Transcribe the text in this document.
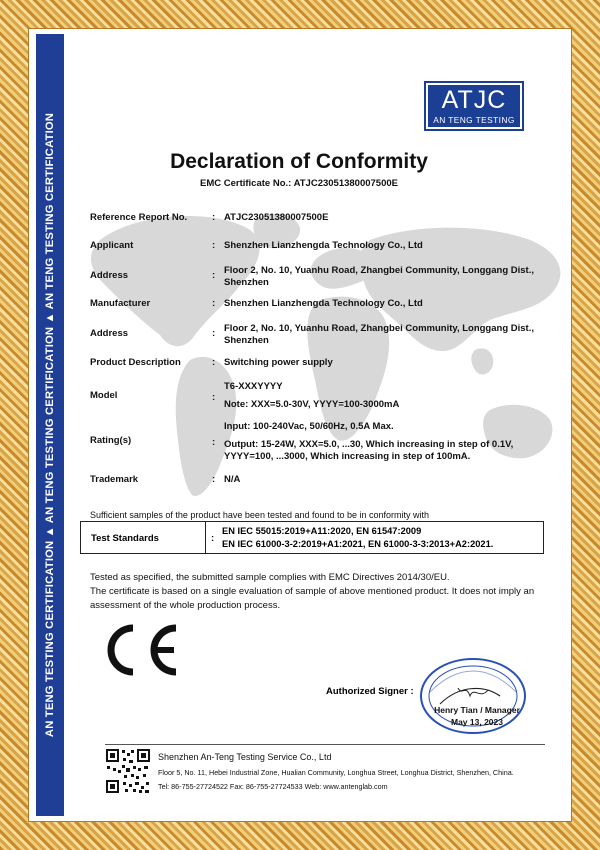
AN TENG TESTING CERTIFICATION ▲ AN TENG TESTING CERTIFICATION ▲ AN TENG TESTING CERTIFICATION
ATJC
AN TENG TESTING
Declaration of Conformity
EMC Certificate No.: ATJC23051380007500E
Reference Report No.	: ATJC23051380007500E
Applicant	: Shenzhen Lianzhengda Technology Co., Ltd
Address	: Floor 2, No. 10, Yuanhu Road, Zhangbei Community, Longgang Dist., Shenzhen
Manufacturer	: Shenzhen Lianzhengda Technology Co., Ltd
Address	: Floor 2, No. 10, Yuanhu Road, Zhangbei Community, Longgang Dist., Shenzhen
Product Description	: Switching power supply
Model	:
T6-XXXYYYY
Note: XXX=5.0-30V, YYYY=100-3000mA
Rating(s)	:
Input: 100-240Vac, 50/60Hz, 0.5A Max.
Output: 15-24W, XXX=5.0, ...30, Which increasing in step of 0.1V, YYYY=100, ...3000, Which increasing in step of 100mA.
Trademark	: N/A
Sufficient samples of the product have been tested and found to be in conformity with
Test Standards	:
EN IEC 55015:2019+A11:2020, EN 61547:2009
EN IEC 61000-3-2:2019+A1:2021, EN 61000-3-3:2013+A2:2021.
Tested as specified, the submitted sample complies with EMC Directives 2014/30/EU.
The certificate is based on a single evaluation of sample of above mentioned product. It does not imply an assessment of the whole production process.
Authorized Signer :
Henry Tian / Manager
May 13, 2023
Shenzhen An-Teng Testing Service Co., Ltd
Floor 5, No. 11, Hebei Industrial Zone, Hualian Community, Longhua Street, Longhua District, Shenzhen, China.
Tel: 86-755-27724522 Fax: 86-755-27724533 Web: www.antenglab.com
